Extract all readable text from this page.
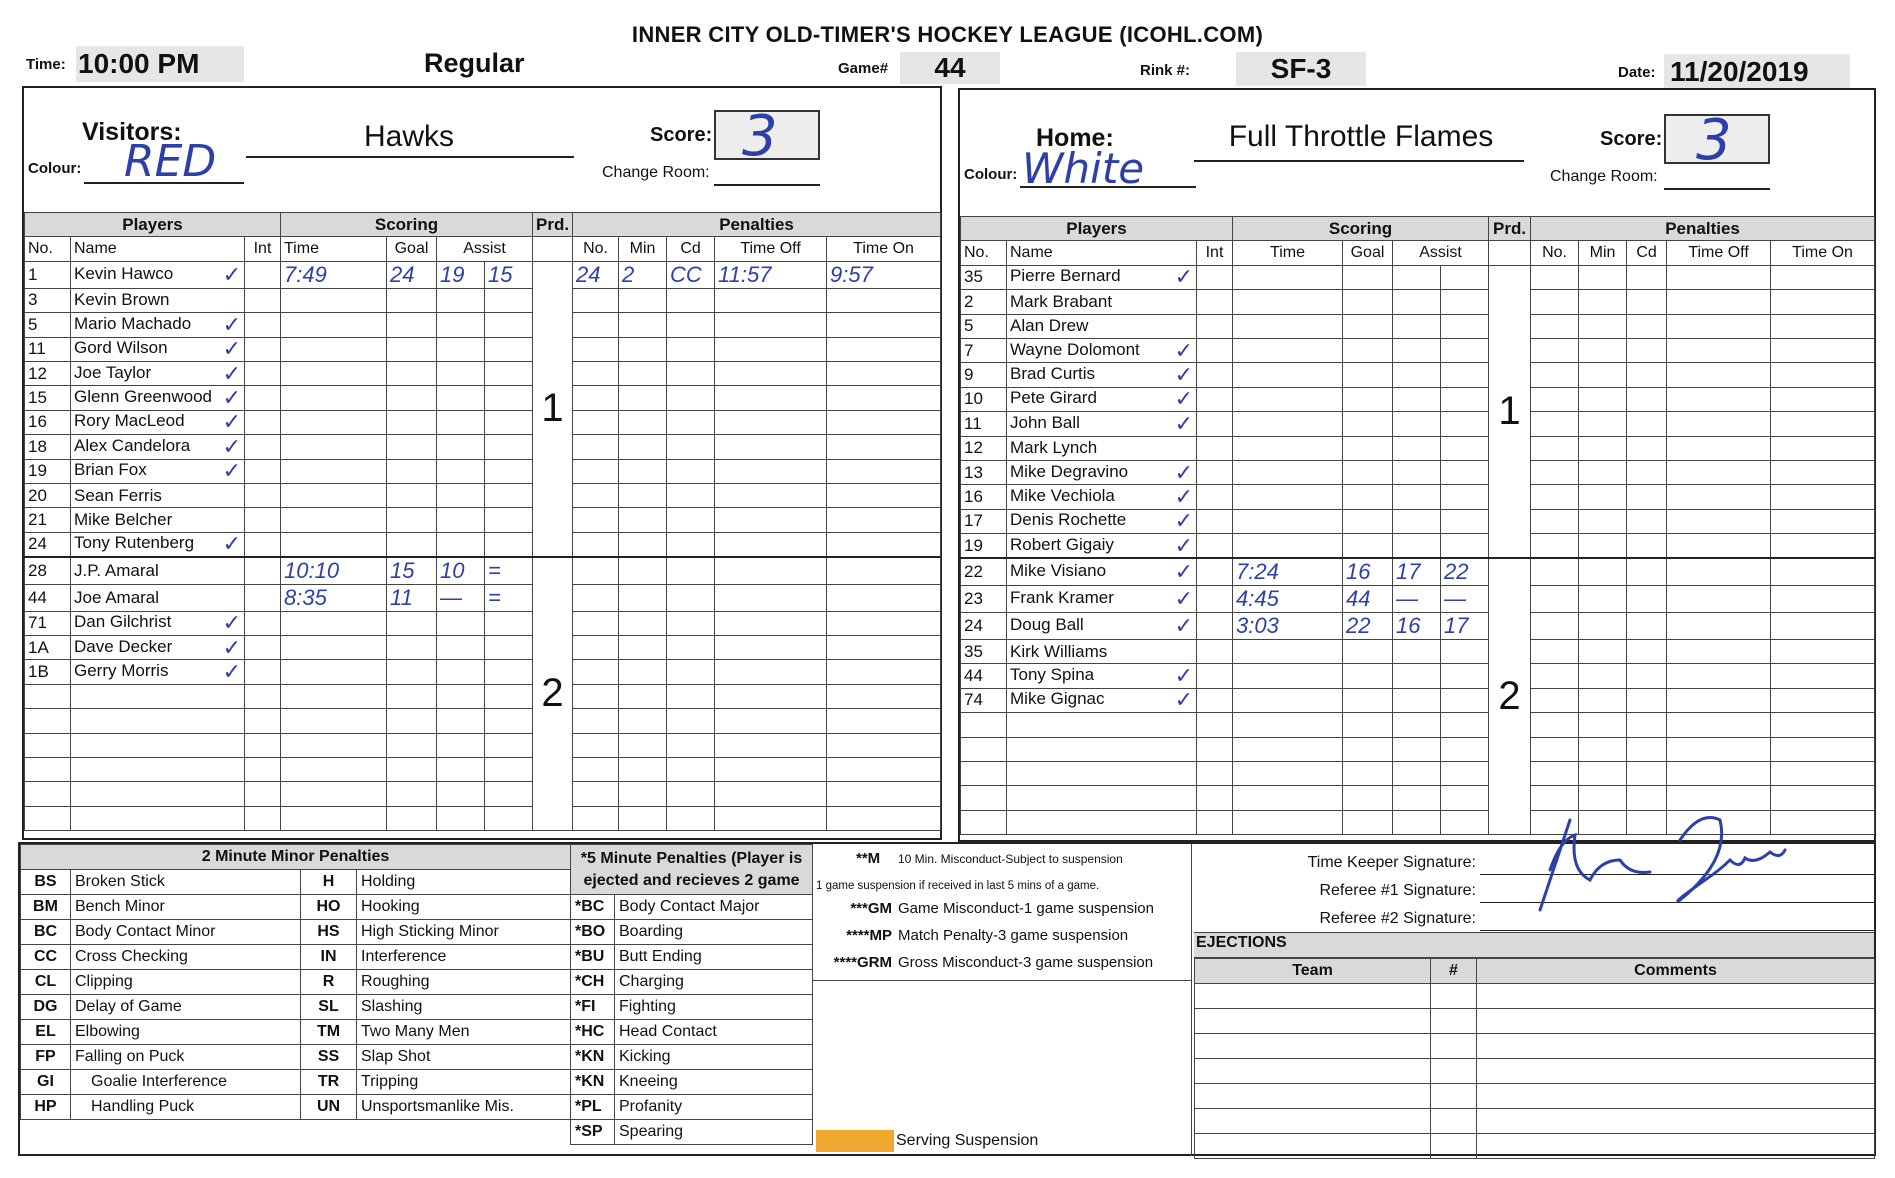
INNER CITY OLD-TIMER'S HOCKEY LEAGUE (ICOHL.COM)
Time: 10:00 PM	Regular	Game#	44	Rink #:	SF-3	Date: 11/20/2019
Visitors:	Hawks
Colour: RED
Score: 3
Change Room:
Players			Scoring				Prd.	Penalties				
No.	Name	Int	Time	Goal	Assist			No.	Min	Cd	Time Off	Time On
1	Kevin Hawco ✓		7:49	24	19	15	1	24	2	CC	11:57	9:57
3	Kevin Brown											
5	Mario Machado ✓											

11	Gord Wilson ✓											

12	Joe Taylor ✓											

15	Glenn Greenwood ✓											

16	Rory MacLeod ✓											

18	Alex Candelora ✓											

19	Brian Fox ✓											

20	Sean Ferris											
21	Mike Belcher											
24	Tony Rutenberg ✓											

28	J.P. Amaral		10:10	15	10	=	2					
44	Joe Amaral		8:35	11	—	=						
71	Dan Gilchrist ✓											

1A	Dave Decker ✓											

1B	Gerry Morris ✓											

Home:	Full Throttle Flames
Colour: White
Score: 3
Change Room:
Players			Scoring				Prd.	Penalties				
No.	Name	Int	Time	Goal	Assist			No.	Min	Cd	Time Off	Time On
35	Pierre Bernard ✓						1					
2	Mark Brabant											
5	Alan Drew											
7	Wayne Dolomont ✓											

9	Brad Curtis ✓											

10	Pete Girard ✓											

11	John Ball ✓											

12	Mark Lynch											
13	Mike Degravino ✓											

16	Mike Vechiola ✓											

17	Denis Rochette ✓											

19	Robert Gigaiy ✓											

22	Mike Visiano ✓		7:24	16	17	22	2					
23	Frank Kramer ✓		4:45	44	—	—						
24	Doug Ball ✓		3:03	22	16	17						
35	Kirk Williams											
44	Tony Spina ✓											

74	Mike Gignac ✓											

2 Minute Minor Penalties			
BS	Broken Stick	H	Holding
BM	Bench Minor	HO	Hooking
BC	Body Contact Minor	HS	High Sticking Minor
CC	Cross Checking	IN	Interference
CL	Clipping	R	Roughing
DG	Delay of Game	SL	Slashing
EL	Elbowing	TM	Two Many Men
FP	Falling on Puck	SS	Slap Shot
GI	Goalie Interference	TR	Tripping
HP	Handling Puck	UN	Unsportsmanlike Mis.
*5 Minute Penalties (Player is
ejected and recieves 2 game	
*BC	Body Contact Major
*BO	Boarding
*BU	Butt Ending
*CH	Charging
*FI	Fighting
*HC	Head Contact
*KN	Kicking
*KN	Kneeing
*PL	Profanity
*SP	Spearing
**M 10 Min. Misconduct-Subject to suspension
1 game suspension if received in last 5 mins of a game.
***GM Game Misconduct-1 game suspension
****MP Match Penalty-3 game suspension
****GRM Gross Misconduct-3 game suspension
Serving Suspension
Time Keeper Signature:
Referee #1 Signature:
Referee #2 Signature:
EJECTIONS
Team	#	Comments
